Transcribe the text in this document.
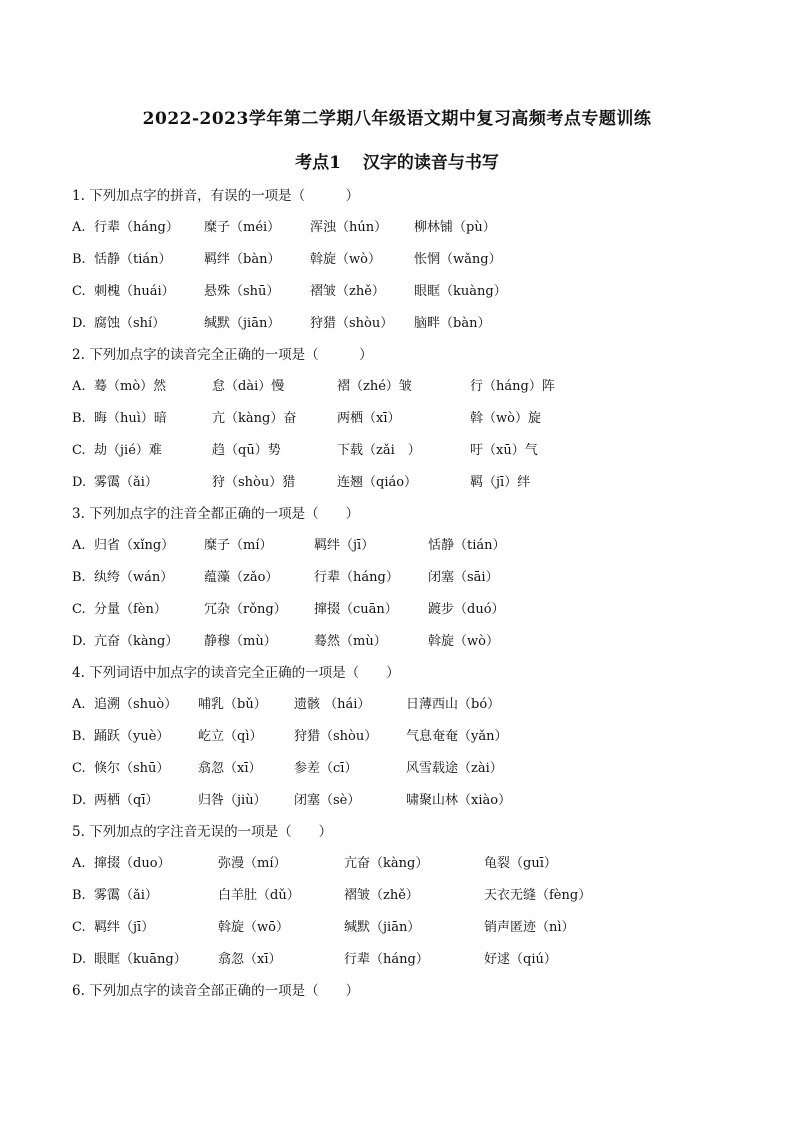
2022-2023学年第二学期八年级语文期中复习高频考点专题训练
考点1 汉字的读音与书写
1. 下列加点字的拼音，有误的一项是（　　　）
A. 行辈（háng） 糜子（méi） 浑浊（hún） 柳林铺（pù）
B. 恬静（tián） 羁绊（bàn） 斡旋（wò）	怅惘（wǎng）
C. 刺槐（huái） 悬殊（shū） 褶皱（zhě） 眼眶（kuàng）
D. 腐蚀（shí）	缄默（jiān） 狩猎（shòu） 脑畔（bàn）
2. 下列加点字的读音完全正确的一项是（　　　）
A. 蓦（mò）然	怠（dài）慢	褶（zhé）皱	行（háng）阵
B. 晦（huì）暗	亢（kàng）奋	两栖（xī）	斡（wò）旋
C. 劫（jié）难	趋（qū）势	下载（zǎi　）	吁（xū）气
D. 雾霭（ǎi）	狩（shòu）猎	连翘（qiáo）	羁（jī）绊
3. 下列加点字的注音全都正确的一项是（　　）
A. 归省（xǐng） 糜子（mí）	羁绊（jī）	恬静（tián）
B. 纨绔（wán） 蕴藻（zǎo）	行辈（háng） 闭塞（sāi）
C. 分量（fèn）	冗杂（rǒng） 撺掇（cuān） 踱步（duó）
D. 亢奋（kàng） 静穆（mù）	蓦然（mù）	斡旋（wò）
4. 下列词语中加点字的读音完全正确的一项是（　　）
A. 追溯（shuò） 哺乳（bǔ） 遗骸 （hái）	日薄西山（bó）
B. 踊跃（yuè） 屹立（qì） 狩猎（shòu） 气息奄奄（yǎn）
C. 倏尔（shū） 翕忽（xī）	参差（cī）	风雪载途（zài）
D. 两栖（qī）	归咎（jiù） 闭塞（sè）	啸聚山林（xiào）
5. 下列加点的字注音无误的一项是（　　）
A. 撺掇（duo）	弥漫（mí）	亢奋（kàng）	龟裂（guī）
B. 雾霭（ǎi）	白羊肚（dǔ）	褶皱（zhě）	天衣无缝（fèng）
C. 羁绊（jī）	斡旋（wō）	缄默（jiān）	销声匿迹（nì）
D. 眼眶（kuāng） 翕忽（xī）	行辈（háng）	好逑（qiú）
6. 下列加点字的读音全部正确的一项是（　　）
